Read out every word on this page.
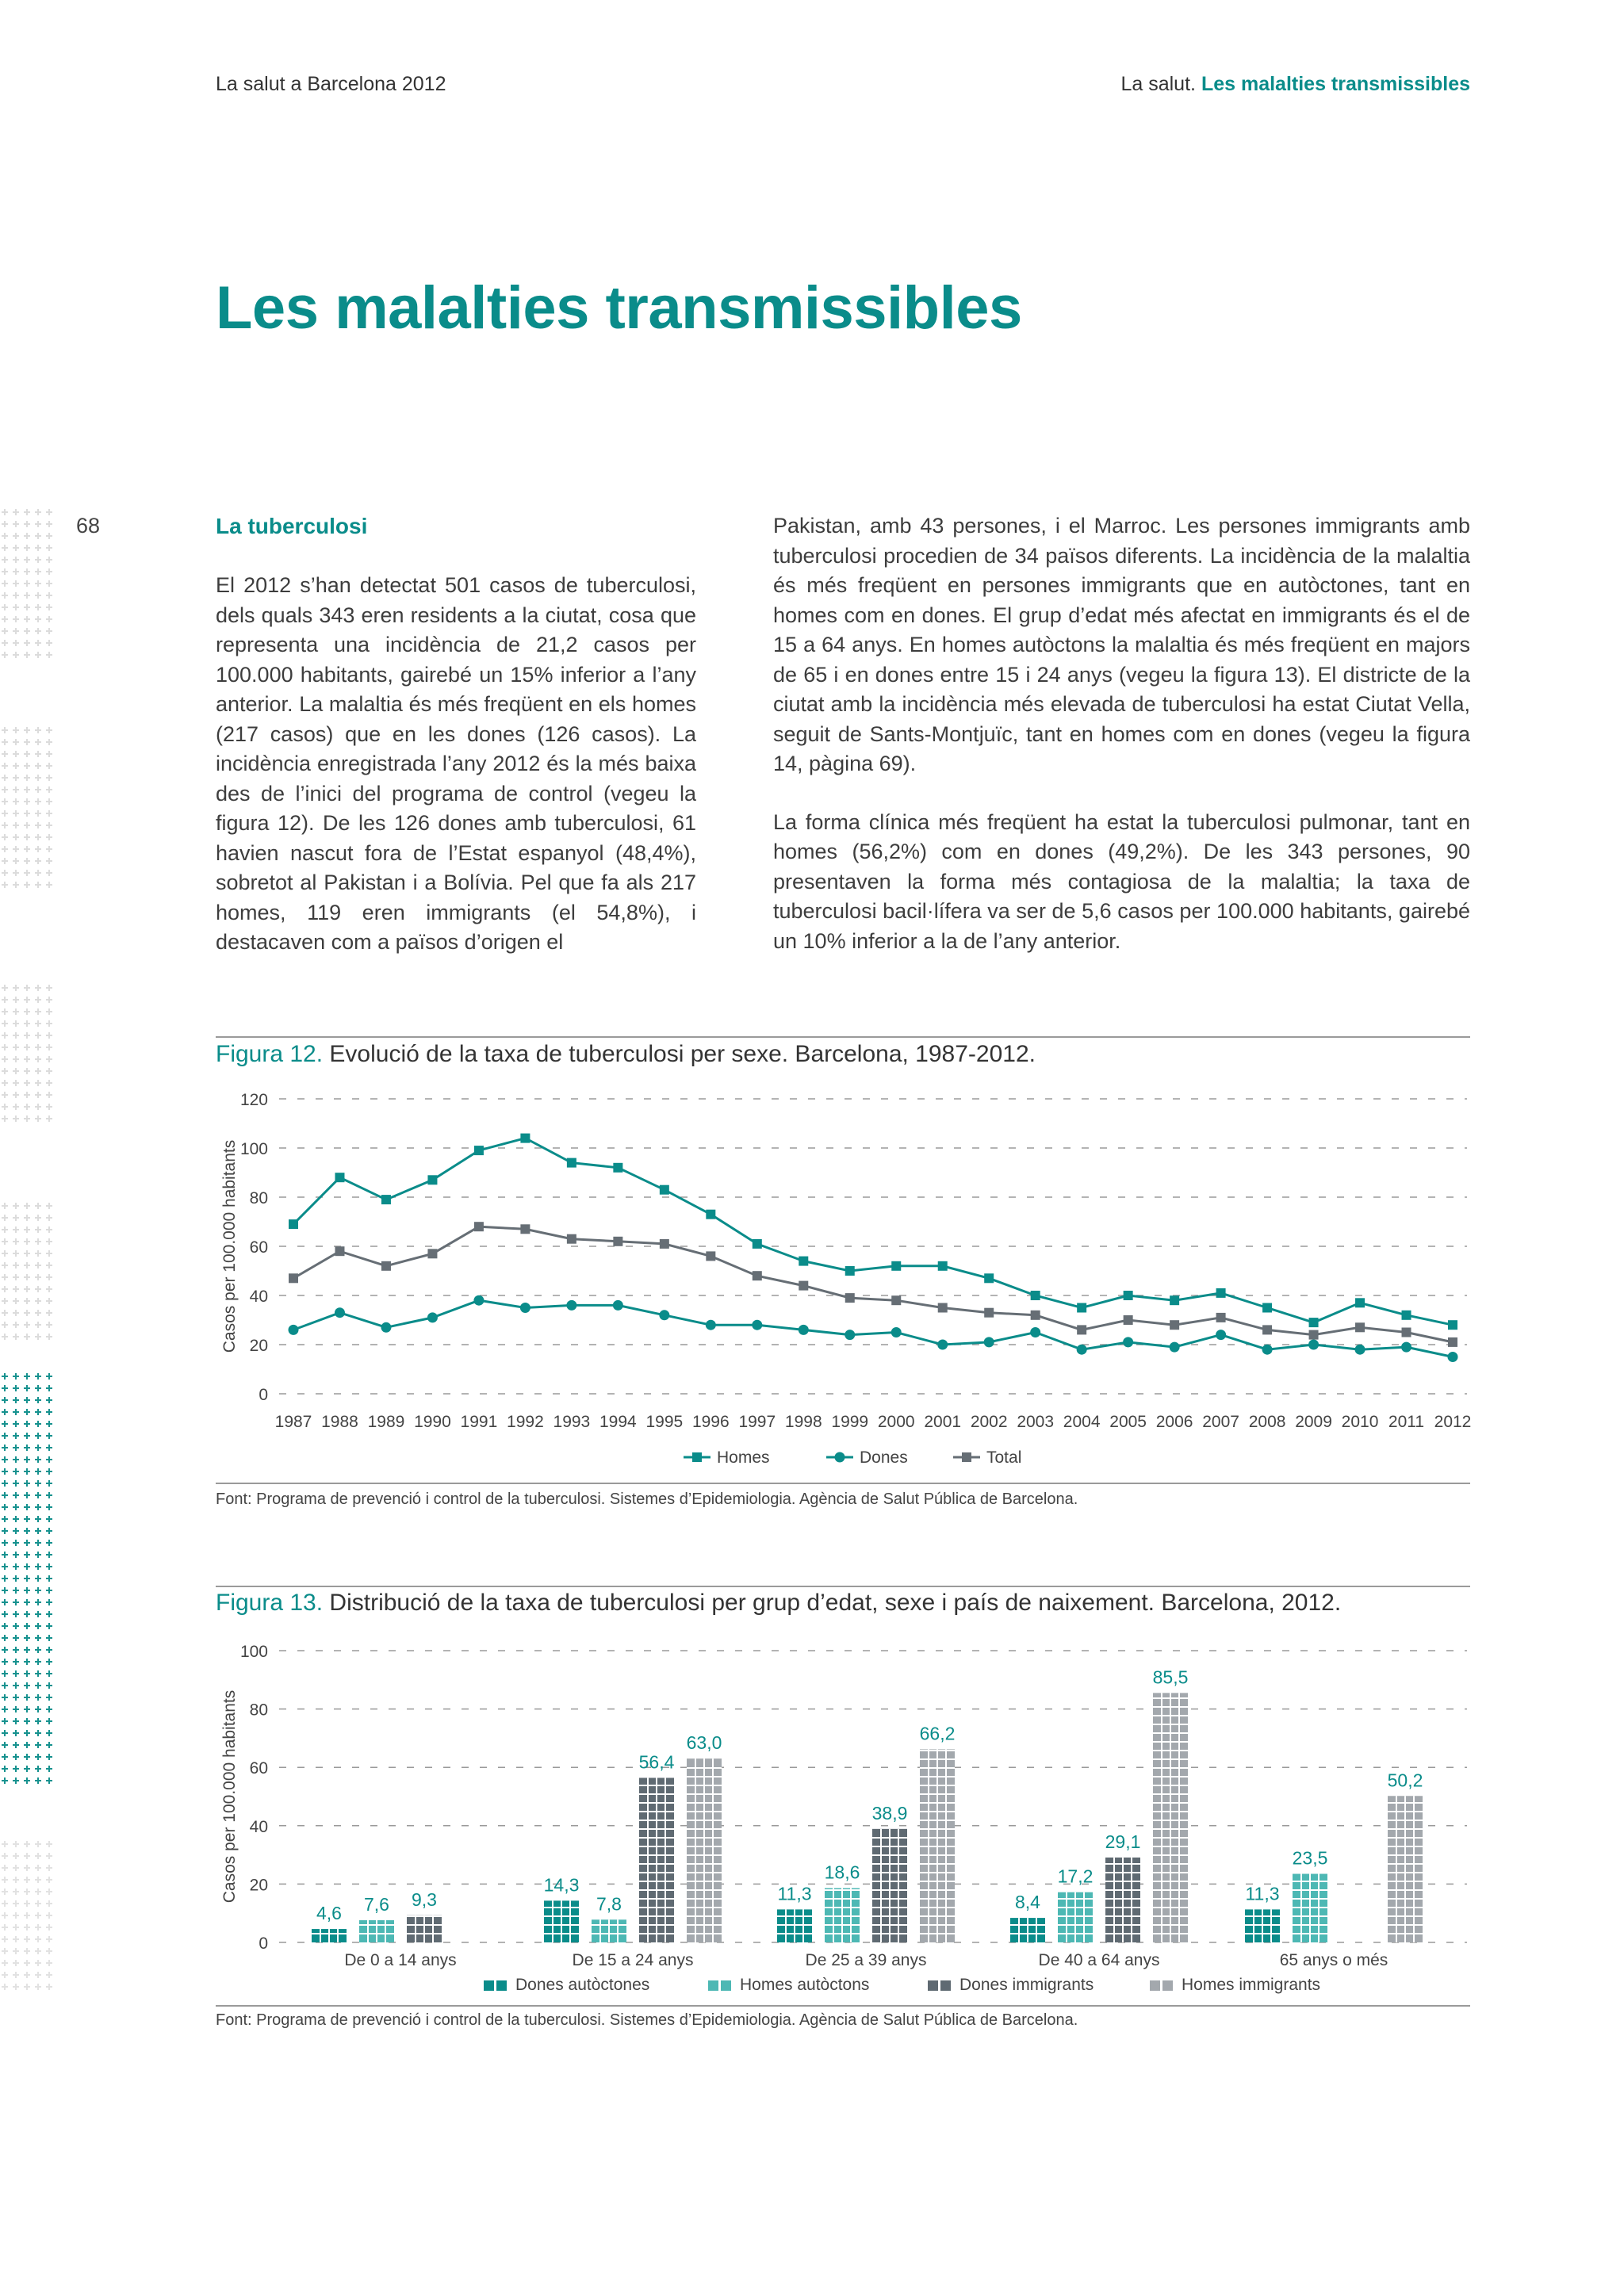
La salut a Barcelona 2012	La salut. Les malalties transmissibles
Les malalties transmissibles
68	La tuberculosi

El 2012 s’han detectat 501 casos de tuberculosi, dels quals 343 eren residents a la ciutat, cosa que representa una incidència de 21,2 casos per 100.000 habitants, gairebé un 15% inferior a l’any anterior. La malaltia és més freqüent en els homes (217 casos) que en les dones (126 casos). La incidència enregistrada l’any 2012 és la més baixa des de l’inici del programa de control (vegeu la figura 12). De les 126 dones amb tuberculosi, 61 havien nascut fora de l’Estat espanyol (48,4%), sobretot al Pakistan i a Bolívia. Pel que fa als 217 homes, 119 eren immigrants (el 54,8%), i destacaven com a països d’origen el

Pakistan, amb 43 persones, i el Marroc. Les persones immigrants amb tuberculosi procedien de 34 països diferents. La incidència de la malaltia és més freqüent en persones immigrants que en autòctones, tant en homes com en dones. El grup d’edat més afectat en immigrants és el de 15 a 64 anys. En homes autòctons la malaltia és més freqüent en majors de 65 i en dones entre 15 i 24 anys (vegeu la figura 13). El districte de la ciutat amb la incidència més elevada de tuberculosi ha estat Ciutat Vella, seguit de Sants-Montjuïc, tant en homes com en dones (vegeu la figura 14, pàgina 69).

La forma clínica més freqüent ha estat la tuberculosi pulmonar, tant en homes (56,2%) com en dones (49,2%). De les 343 persones, 90 presentaven la forma més contagiosa de la malaltia; la taxa de tuberculosi bacil·lífera va ser de 5,6 casos per 100.000 habitants, gairebé un 10% inferior a la de l’any anterior.

Figura 12. Evolució de la taxa de tuberculosi per sexe. Barcelona, 1987-2012.
0
20
40
60
80
100
120
Casos per 100.000 habitants
1987 1988 1989 1990 1991 1992 1993 1994 1995 1996 1997 1998 1999 2000 2001 2002 2003 2004 2005 2006 2007 2008 2009 2010 2011 2012
Homes	Dones	Total
Font: Programa de prevenció i control de la tuberculosi. Sistemes d’Epidemiologia. Agència de Salut Pública de Barcelona.
Figura 13. Distribució de la taxa de tuberculosi per grup d’edat, sexe i país de naixement. Barcelona, 2012.
0
20
40
60
80
100
Casos per 100.000 habitants
De 0 a 14 anys
4,6 7,6 9,3
De 15 a 24 anys
14,3
7,8
56,4
63,0
De 25 a 39 anys
11,3
18,6
38,9
66,2
De 40 a 64 anys
8,4
17,2
29,1
85,5
65 anys o més
11,3
23,5
50,2
Dones autòctones	Homes autòctons	Dones immigrants	Homes immigrants
Font: Programa de prevenció i control de la tuberculosi. Sistemes d’Epidemiologia. Agència de Salut Pública de Barcelona.
